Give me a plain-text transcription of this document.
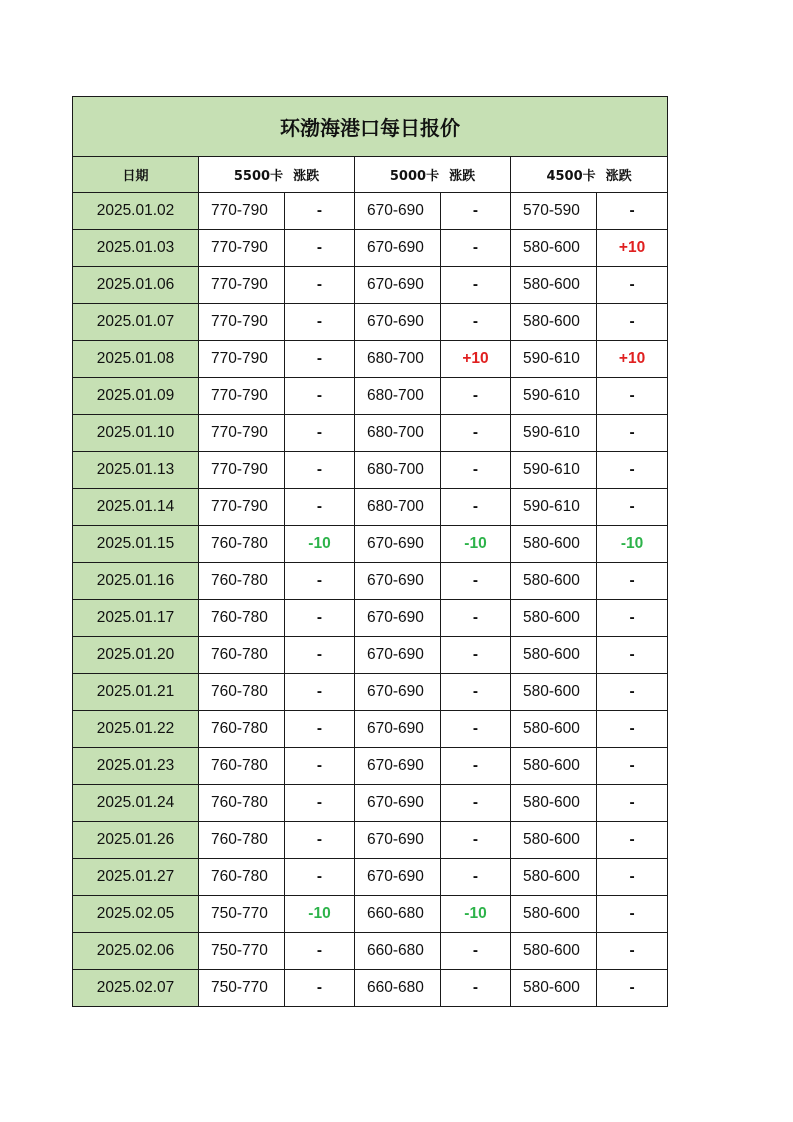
环渤海港口每日报价						
日期	5500卡 涨跌		5000卡 涨跌		4500卡 涨跌	
2025.01.02	770-790	-	670-690	-	570-590	-
2025.01.03	770-790	-	670-690	-	580-600	+10
2025.01.06	770-790	-	670-690	-	580-600	-
2025.01.07	770-790	-	670-690	-	580-600	-
2025.01.08	770-790	-	680-700	+10	590-610	+10
2025.01.09	770-790	-	680-700	-	590-610	-
2025.01.10	770-790	-	680-700	-	590-610	-
2025.01.13	770-790	-	680-700	-	590-610	-
2025.01.14	770-790	-	680-700	-	590-610	-
2025.01.15	760-780	-10	670-690	-10	580-600	-10
2025.01.16	760-780	-	670-690	-	580-600	-
2025.01.17	760-780	-	670-690	-	580-600	-
2025.01.20	760-780	-	670-690	-	580-600	-
2025.01.21	760-780	-	670-690	-	580-600	-
2025.01.22	760-780	-	670-690	-	580-600	-
2025.01.23	760-780	-	670-690	-	580-600	-
2025.01.24	760-780	-	670-690	-	580-600	-
2025.01.26	760-780	-	670-690	-	580-600	-
2025.01.27	760-780	-	670-690	-	580-600	-
2025.02.05	750-770	-10	660-680	-10	580-600	-
2025.02.06	750-770	-	660-680	-	580-600	-
2025.02.07	750-770	-	660-680	-	580-600	-
